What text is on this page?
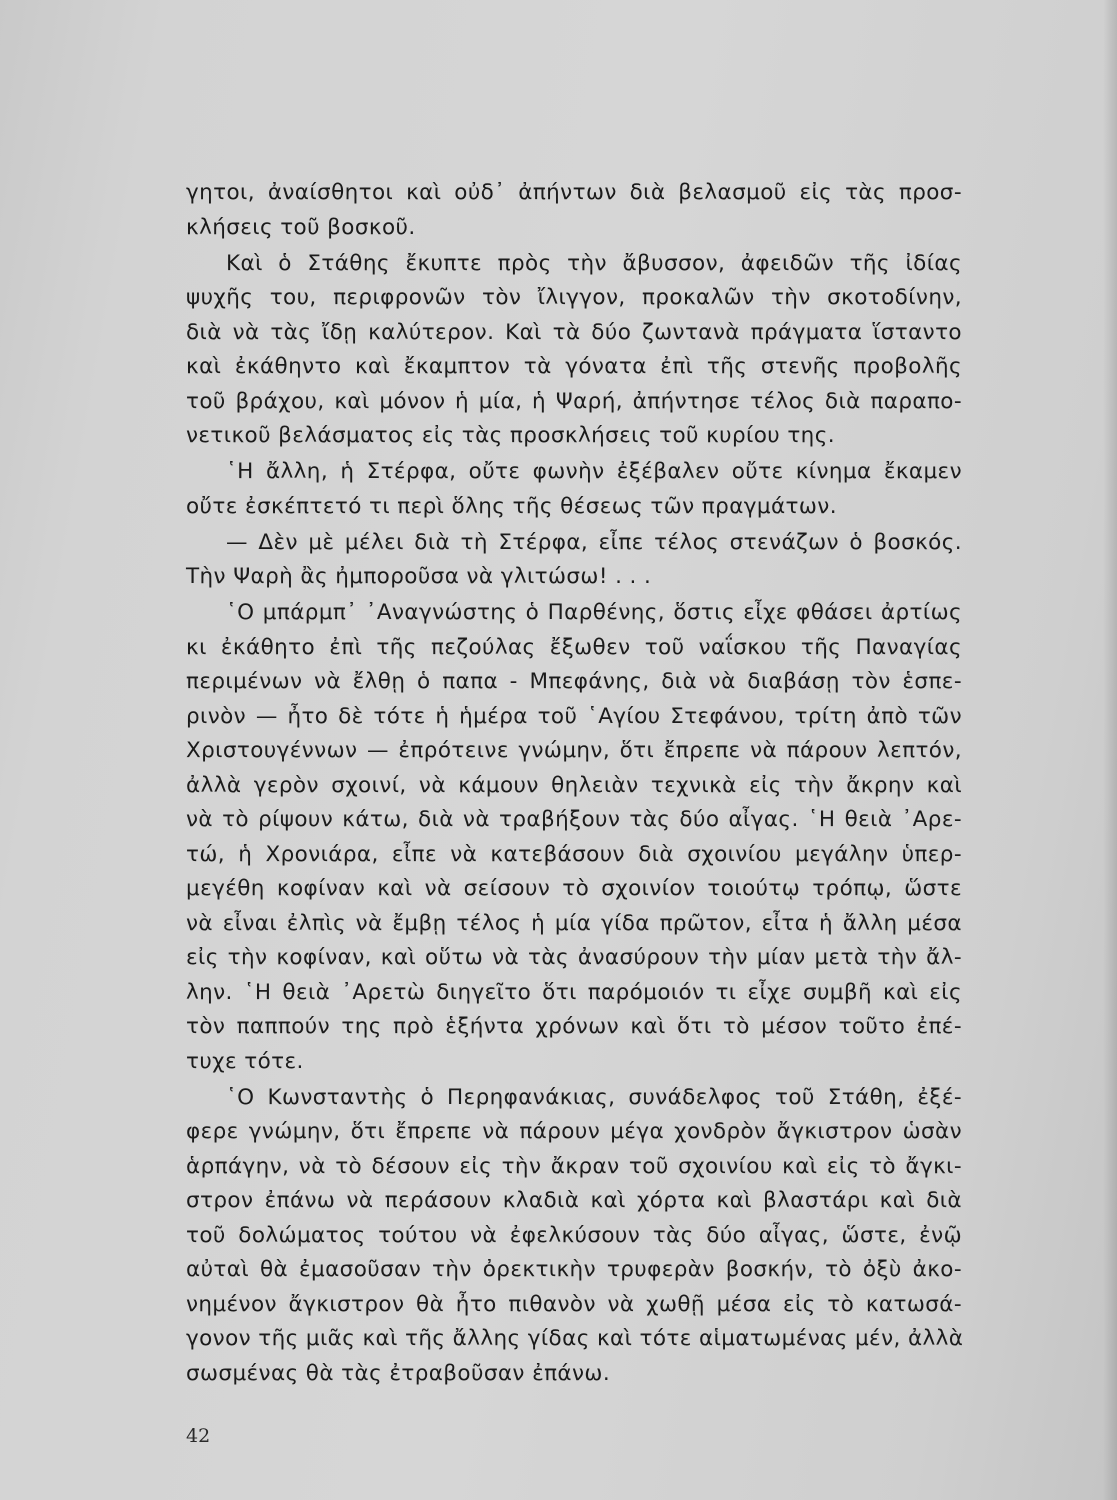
γητοι, ἀναίσθητοι καὶ οὐδ᾽ ἀπήντων διὰ βελασμοῦ εἰς τὰς προσ-
κλήσεις τοῦ βοσκοῦ.
Καὶ ὁ Στάθης ἔκυπτε πρὸς τὴν ἄβυσσον, ἀφειδῶν τῆς ἰδίας
ψυχῆς του, περιφρονῶν τὸν ἴλιγγον, προκαλῶν τὴν σκοτοδίνην,
διὰ νὰ τὰς ἴδῃ καλύτερον. Καὶ τὰ δύο ζωντανὰ πράγματα ἵσταντο
καὶ ἐκάθηντο καὶ ἔκαμπτον τὰ γόνατα ἐπὶ τῆς στενῆς προβολῆς
τοῦ βράχου, καὶ μόνον ἡ μία, ἡ Ψαρή, ἀπήντησε τέλος διὰ παραπο-
νετικοῦ βελάσματος εἰς τὰς προσκλήσεις τοῦ κυρίου της.
῾Η ἄλλη, ἡ Στέρφα, οὔτε φωνὴν ἐξέβαλεν οὔτε κίνημα ἔκαμεν
οὔτε ἐσκέπτετό τι περὶ ὅλης τῆς θέσεως τῶν πραγμάτων.
— Δὲν μὲ μέλει διὰ τὴ Στέρφα, εἶπε τέλος στενάζων ὁ βοσκός.
Τὴν Ψαρὴ ἂς ἠμποροῦσα νὰ γλιτώσω! . . .
῾Ο μπάρμπ᾽ ᾿Αναγνώστης ὁ Παρθένης, ὅστις εἶχε φθάσει ἀρτίως
κι ἐκάθητο ἐπὶ τῆς πεζούλας ἔξωθεν τοῦ ναΐσκου τῆς Παναγίας
περιμένων νὰ ἔλθῃ ὁ παπα - Μπεφάνης, διὰ νὰ διαβάσῃ τὸν ἑσπε-
ρινὸν — ἦτο δὲ τότε ἡ ἡμέρα τοῦ ῾Αγίου Στεφάνου, τρίτη ἀπὸ τῶν
Χριστουγέννων — ἐπρότεινε γνώμην, ὅτι ἔπρεπε νὰ πάρουν λεπτόν,
ἀλλὰ γερὸν σχοινί, νὰ κάμουν θηλειὰν τεχνικὰ εἰς τὴν ἄκρην καὶ
νὰ τὸ ρίψουν κάτω, διὰ νὰ τραβήξουν τὰς δύο αἶγας. ῾Η θειὰ ᾿Αρε-
τώ, ἡ Χρονιάρα, εἶπε νὰ κατεβάσουν διὰ σχοινίου μεγάλην ὑπερ-
μεγέθη κοφίναν καὶ νὰ σείσουν τὸ σχοινίον τοιούτῳ τρόπῳ, ὥστε
νὰ εἶναι ἐλπὶς νὰ ἔμβῃ τέλος ἡ μία γίδα πρῶτον, εἶτα ἡ ἄλλη μέσα
εἰς τὴν κοφίναν, καὶ οὕτω νὰ τὰς ἀνασύρουν τὴν μίαν μετὰ τὴν ἄλ-
λην. ῾Η θειὰ ᾿Αρετὼ διηγεῖτο ὅτι παρόμοιόν τι εἶχε συμβῆ καὶ εἰς
τὸν παππούν της πρὸ ἑξήντα χρόνων καὶ ὅτι τὸ μέσον τοῦτο ἐπέ-
τυχε τότε.
῾Ο Κωνσταντὴς ὁ Περηφανάκιας, συνάδελφος τοῦ Στάθη, ἐξέ-
φερε γνώμην, ὅτι ἔπρεπε νὰ πάρουν μέγα χονδρὸν ἄγκιστρον ὡσὰν
ἁρπάγην, νὰ τὸ δέσουν εἰς τὴν ἄκραν τοῦ σχοινίου καὶ εἰς τὸ ἄγκι-
στρον ἐπάνω νὰ περάσουν κλαδιὰ καὶ χόρτα καὶ βλαστάρι καὶ διὰ
τοῦ δολώματος τούτου νὰ ἐφελκύσουν τὰς δύο αἶγας, ὥστε, ἐνῷ
αὐταὶ θὰ ἐμασοῦσαν τὴν ὀρεκτικὴν τρυφερὰν βοσκήν, τὸ ὀξὺ ἀκο-
νημένον ἄγκιστρον θὰ ἦτο πιθανὸν νὰ χωθῇ μέσα εἰς τὸ κατωσά-
γονον τῆς μιᾶς καὶ τῆς ἄλλης γίδας καὶ τότε αἱματωμένας μέν, ἀλλὰ
σωσμένας θὰ τὰς ἐτραβοῦσαν ἐπάνω.
42
